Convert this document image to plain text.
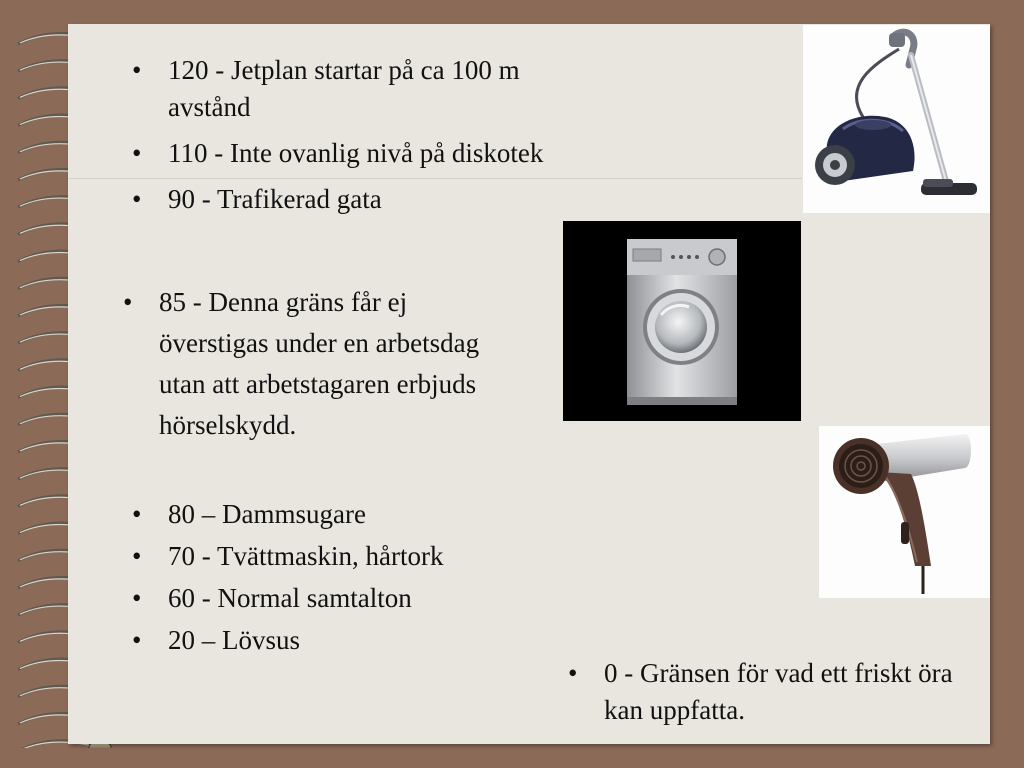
• 120 - Jetplan startar på ca 100 m avstånd
• 110 - Inte ovanlig nivå på diskotek
• 90 - Trafikerad gata
• 85 - Denna gräns får ej överstigas under en arbetsdag utan att arbetstagaren erbjuds hörselskydd.
• 80 – Dammsugare
• 70 - Tvättmaskin, hårtork
• 60 - Normal samtalton
• 20 – Lövsus
• 0 - Gränsen för vad ett friskt öra kan uppfatta.
